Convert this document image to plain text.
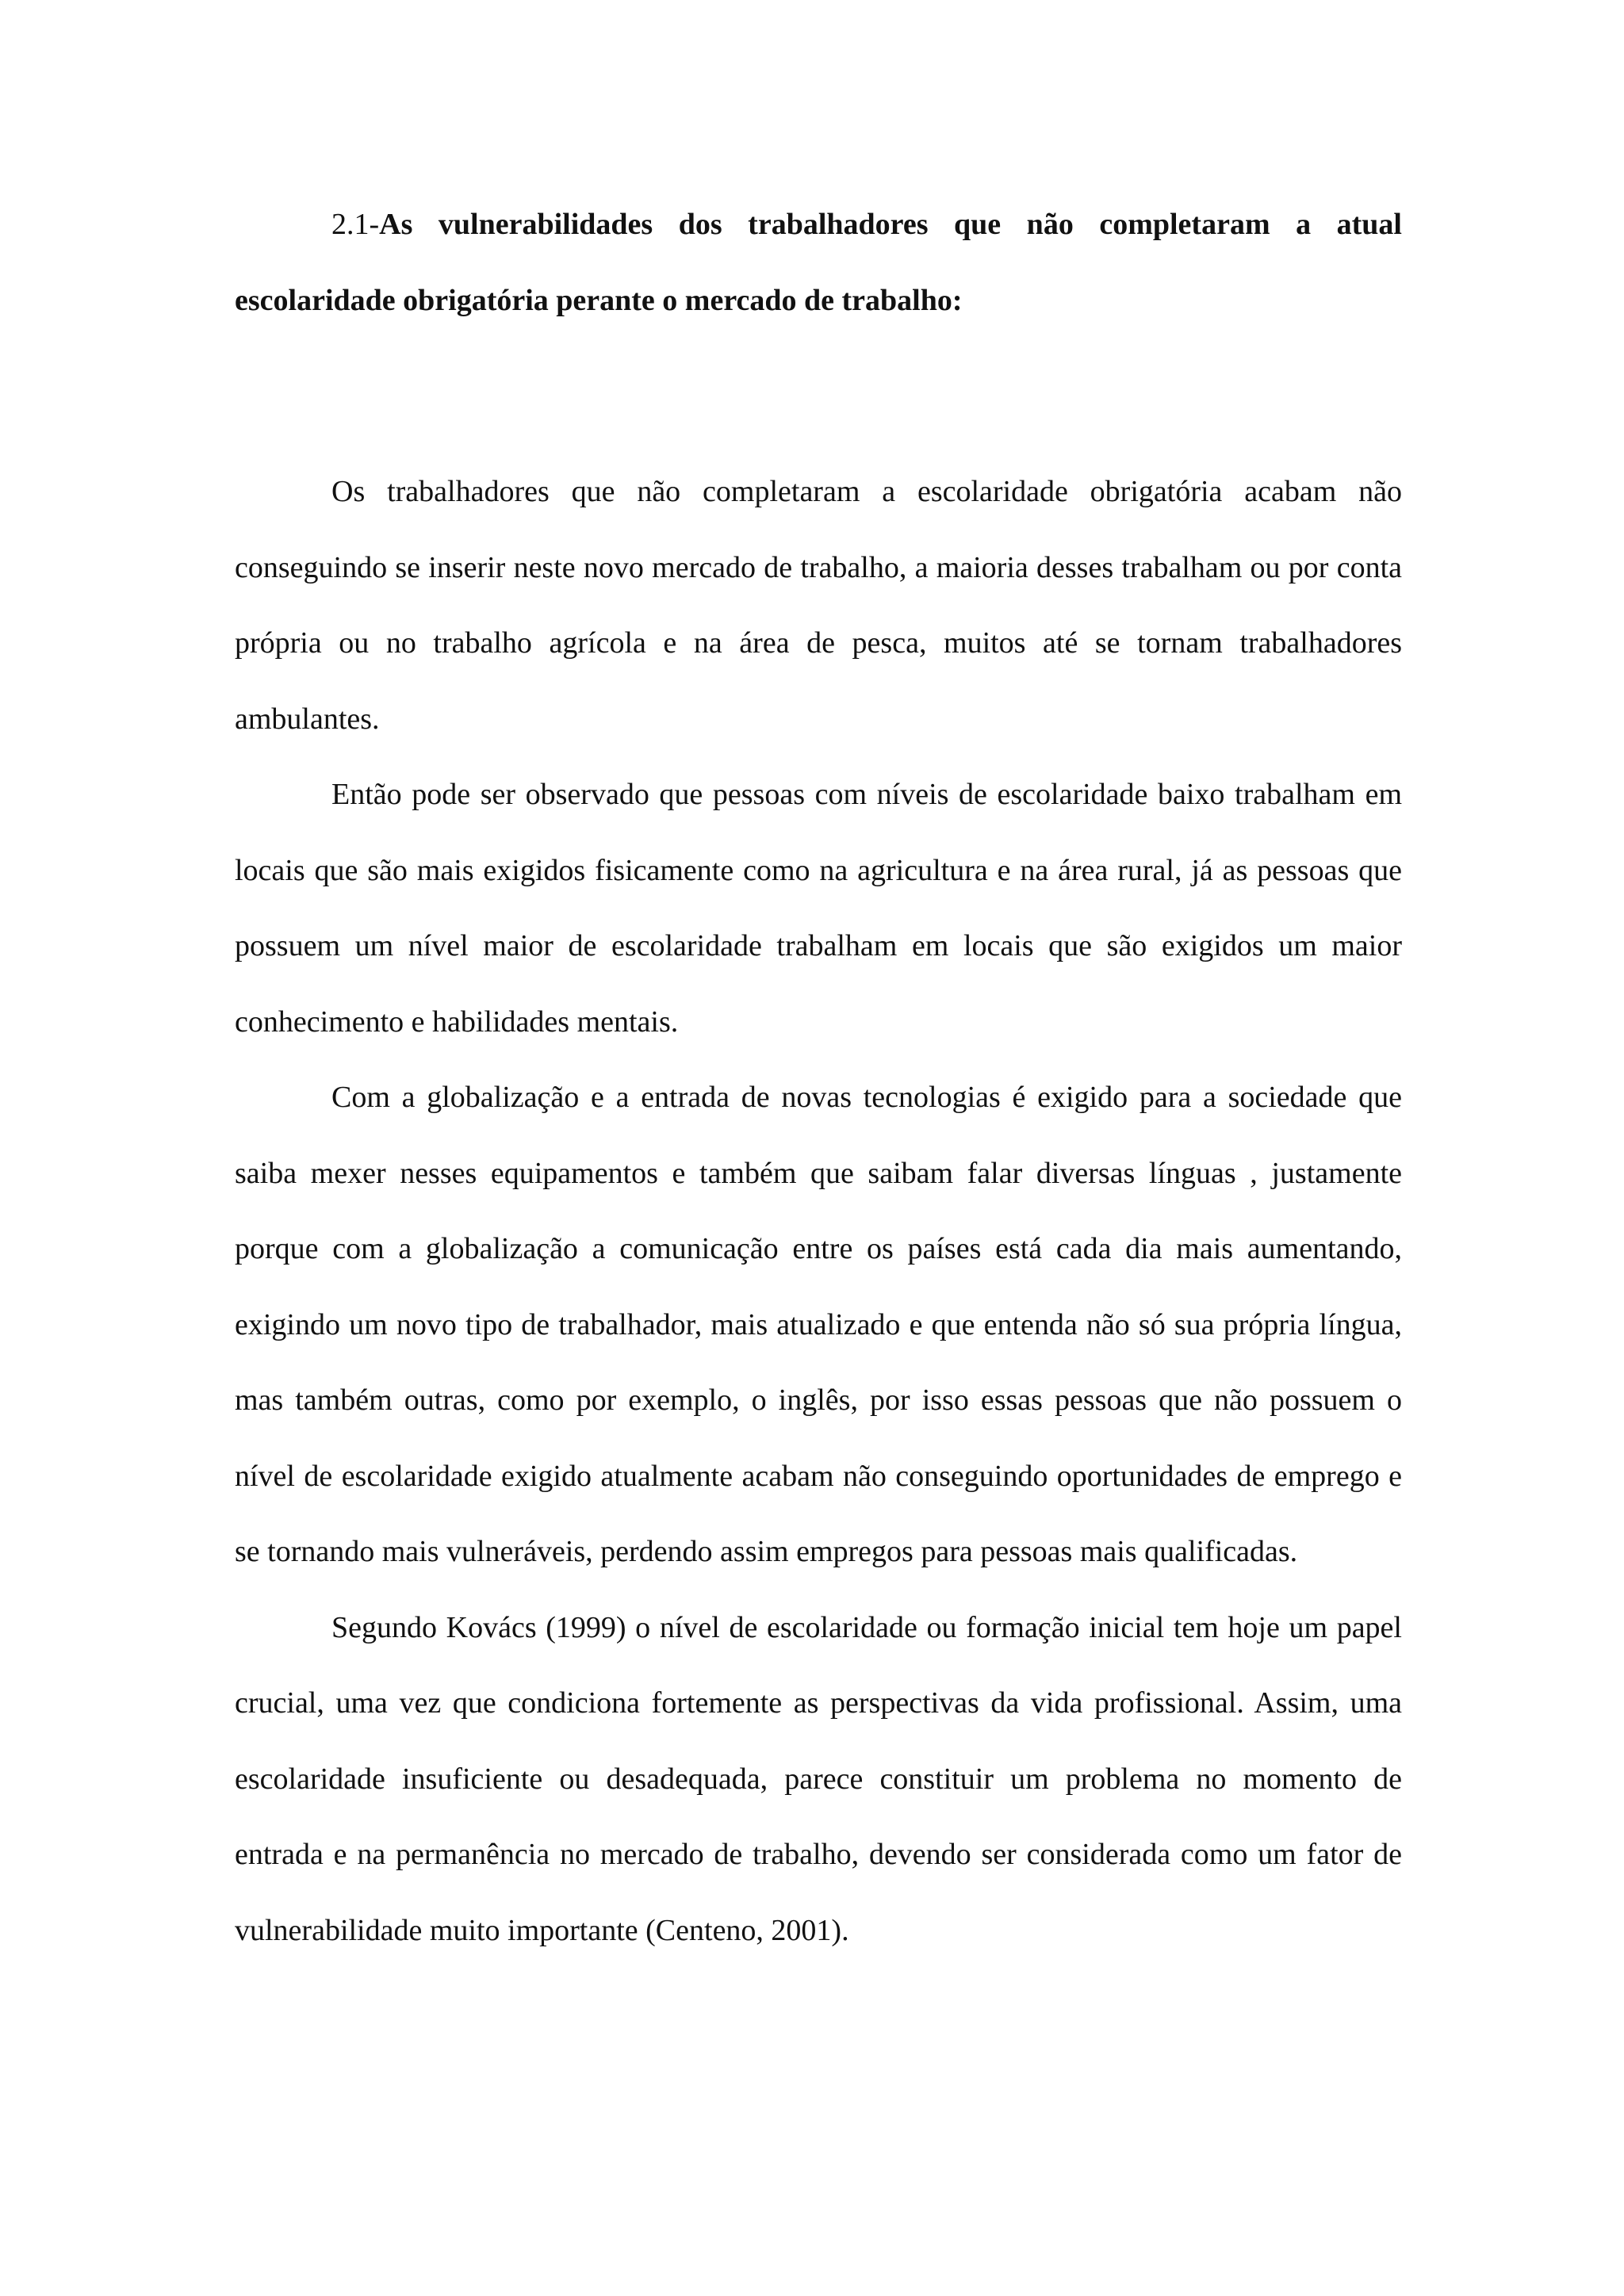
2.1-As vulnerabilidades dos trabalhadores que não completaram a atual escolaridade obrigatória perante o mercado de trabalho:

Os trabalhadores que não completaram a escolaridade obrigatória acabam não conseguindo se inserir neste novo mercado de trabalho, a maioria desses trabalham ou por conta própria ou no trabalho agrícola e na área de pesca, muitos até se tornam trabalhadores ambulantes.

Então pode ser observado que pessoas com níveis de escolaridade baixo trabalham em locais que são mais exigidos fisicamente como na agricultura e na área rural, já as pessoas que possuem um nível maior de escolaridade trabalham em locais que são exigidos um maior conhecimento e habilidades mentais.

Com a globalização e a entrada de novas tecnologias é exigido para a sociedade que saiba mexer nesses equipamentos e também que saibam falar diversas línguas , justamente porque com a globalização a comunicação entre os países está cada dia mais aumentando, exigindo um novo tipo de trabalhador, mais atualizado e que entenda não só sua própria língua, mas também outras, como por exemplo, o inglês, por isso essas pessoas que não possuem o nível de escolaridade exigido atualmente acabam não conseguindo oportunidades de emprego e se tornando mais vulneráveis, perdendo assim empregos para pessoas mais qualificadas.

Segundo Kovács (1999) o nível de escolaridade ou formação inicial tem hoje um papel crucial, uma vez que condiciona fortemente as perspectivas da vida profissional. Assim, uma escolaridade insuficiente ou desadequada, parece constituir um problema no momento de entrada e na permanência no mercado de trabalho, devendo ser considerada como um fator de vulnerabilidade muito importante (Centeno, 2001).
